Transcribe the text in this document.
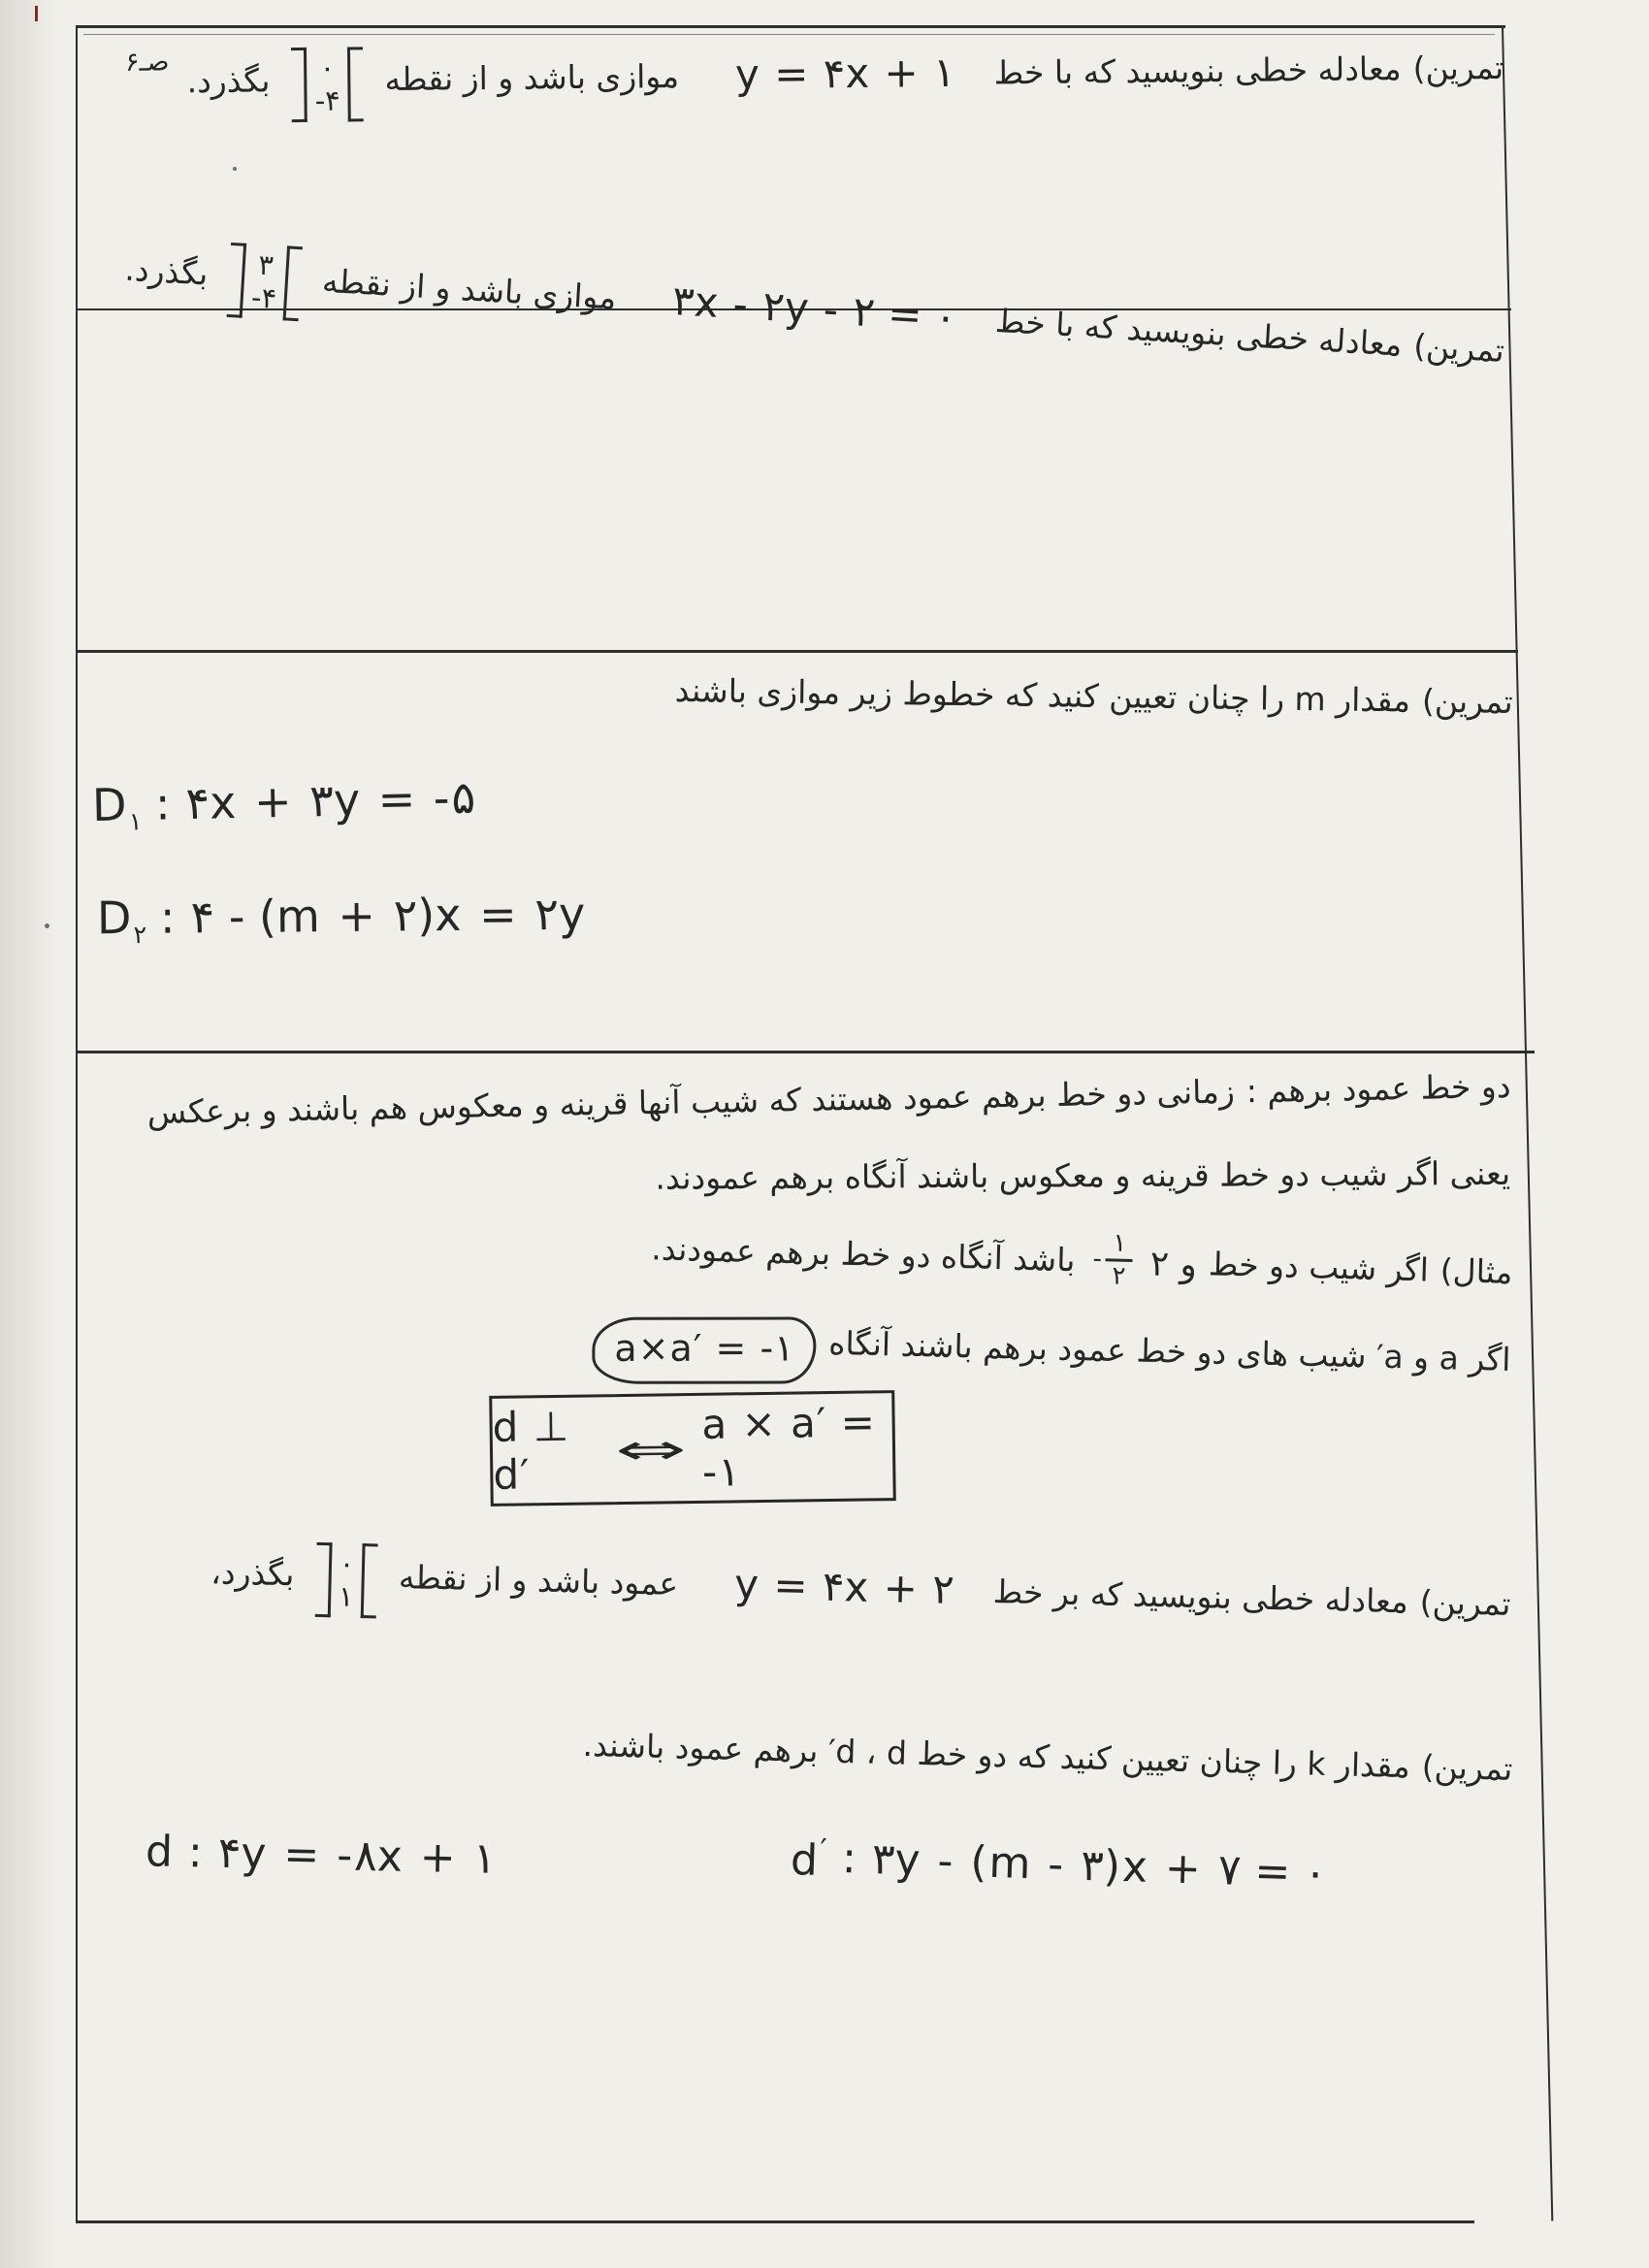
تمرین)
معادله خطی بنویسید که با خط
y = ۴x + ۱
موازی باشد و از نقطه
۰
-۴
بگذرد.
صـ۶
تمرین)
معادله خطی بنویسید که با خط
۳x - ۲y - ۲ = ۰
موازی باشد و از نقطه
۳
-۴
بگذرد.
تمرین)
مقدار m را چنان تعیین کنید که خطوط زیر موازی باشند
$D_۱$ : ۴x + ۳y = -۵
$D_۲$ : ۴ - (m + ۲)x = ۲y
دو خط عمود برهم :
زمانی دو خط برهم عمود هستند که شیب آنها قرینه و معکوس هم باشند و برعکس
یعنی اگر شیب دو خط قرینه و معکوس باشند آنگاه برهم عمودند.
مثال)
اگر شیب دو خط
۲ و
- $\frac{۱}{۲}$
باشد آنگاه دو خط برهم عمودند.
اگر a و a′ شیب های دو خط عمود برهم باشند آنگاه
a×a′ = -۱
d ⊥ d′
⇔
a × a′ = -۱
تمرین)
معادله خطی بنویسید که بر خط
y = ۴x + ۲
عمود باشد و از نقطه
۰
۱
بگذرد،
تمرین)
مقدار k را چنان تعیین کنید که دو خط d ، d′ برهم عمود باشند.
d : ۴y = -۸x + ۱	d′ : ۳y - (m - ۳)x + ۷ = ۰
